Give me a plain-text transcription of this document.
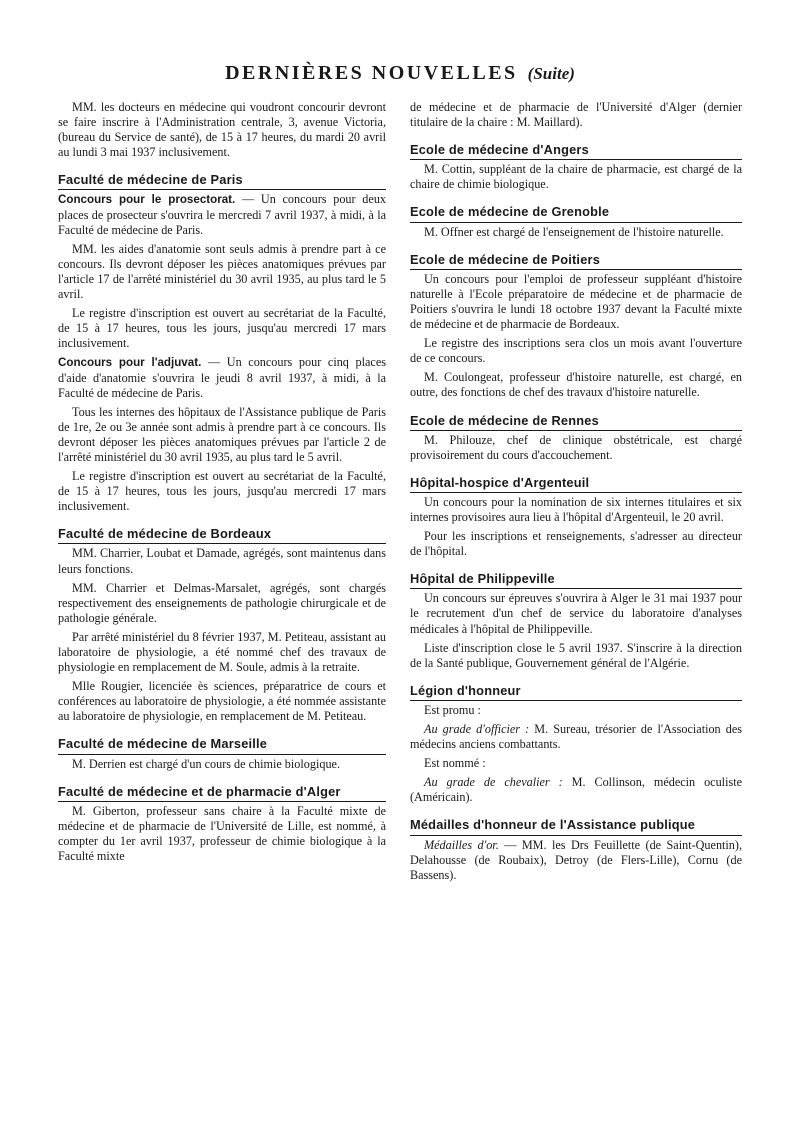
DERNIÈRES NOUVELLES (Suite)

MM. les docteurs en médecine qui voudront concourir devront se faire inscrire à l'Administration centrale, 3, avenue Victoria, (bureau du Service de santé), de 15 à 17 heures, du mardi 20 avril au lundi 3 mai 1937 inclusivement.

Faculté de médecine de Paris

Concours pour le prosectorat. — Un concours pour deux places de prosecteur s'ouvrira le mercredi 7 avril 1937, à midi, à la Faculté de médecine de Paris.

MM. les aides d'anatomie sont seuls admis à prendre part à ce concours. Ils devront déposer les pièces anatomiques prévues par l'article 17 de l'arrêté ministériel du 30 avril 1935, au plus tard le 5 avril.

Le registre d'inscription est ouvert au secrétariat de la Faculté, de 15 à 17 heures, tous les jours, jusqu'au mercredi 17 mars inclusivement.

Concours pour l'adjuvat. — Un concours pour cinq places d'aide d'anatomie s'ouvrira le jeudi 8 avril 1937, à midi, à la Faculté de médecine de Paris.

Tous les internes des hôpitaux de l'Assistance publique de Paris de 1re, 2e ou 3e année sont admis à prendre part à ce concours. Ils devront déposer les pièces anatomiques prévues par l'article 2 de l'arrêté ministériel du 30 avril 1935, au plus tard le 5 avril.

Le registre d'inscription est ouvert au secrétariat de la Faculté, de 15 à 17 heures, tous les jours, jusqu'au mercredi 17 mars inclusivement.

Faculté de médecine de Bordeaux

MM. Charrier, Loubat et Damade, agrégés, sont maintenus dans leurs fonctions.

MM. Charrier et Delmas-Marsalet, agrégés, sont chargés respectivement des enseignements de pathologie chirurgicale et de pathologie générale.

Par arrêté ministériel du 8 février 1937, M. Petiteau, assistant au laboratoire de physiologie, a été nommé chef des travaux de physiologie en remplacement de M. Soule, admis à la retraite.

Mlle Rougier, licenciée ès sciences, préparatrice de cours et conférences au laboratoire de physiologie, a été nommée assistante au laboratoire de physiologie, en remplacement de M. Petiteau.

Faculté de médecine de Marseille

M. Derrien est chargé d'un cours de chimie biologique.

Faculté de médecine et de pharmacie d'Alger

M. Giberton, professeur sans chaire à la Faculté mixte de médecine et de pharmacie de l'Université de Lille, est nommé, à compter du 1er avril 1937, professeur de chimie biologique à la Faculté mixte

de médecine et de pharmacie de l'Université d'Alger (dernier titulaire de la chaire : M. Maillard).

Ecole de médecine d'Angers

M. Cottin, suppléant de la chaire de pharmacie, est chargé de la chaire de chimie biologique.

Ecole de médecine de Grenoble

M. Offner est chargé de l'enseignement de l'histoire naturelle.

Ecole de médecine de Poitiers

Un concours pour l'emploi de professeur suppléant d'histoire naturelle à l'Ecole préparatoire de médecine et de pharmacie de Poitiers s'ouvrira le lundi 18 octobre 1937 devant la Faculté mixte de médecine et de pharmacie de Bordeaux.

Le registre des inscriptions sera clos un mois avant l'ouverture de ce concours.

M. Coulongeat, professeur d'histoire naturelle, est chargé, en outre, des fonctions de chef des travaux d'histoire naturelle.

Ecole de médecine de Rennes

M. Philouze, chef de clinique obstétricale, est chargé provisoirement du cours d'accouchement.

Hôpital-hospice d'Argenteuil

Un concours pour la nomination de six internes titulaires et six internes provisoires aura lieu à l'hôpital d'Argenteuil, le 20 avril.

Pour les inscriptions et renseignements, s'adresser au directeur de l'hôpital.

Hôpital de Philippeville

Un concours sur épreuves s'ouvrira à Alger le 31 mai 1937 pour le recrutement d'un chef de service du laboratoire d'analyses médicales à l'hôpital de Philippeville.

Liste d'inscription close le 5 avril 1937. S'inscrire à la direction de la Santé publique, Gouvernement général de l'Algérie.

Légion d'honneur

Est promu :

Au grade d'officier : M. Sureau, trésorier de l'Association des médecins anciens combattants.

Est nommé :

Au grade de chevalier : M. Collinson, médecin oculiste (Américain).

Médailles d'honneur de l'Assistance publique

Médailles d'or. — MM. les Drs Feuillette (de Saint-Quentin), Delahousse (de Roubaix), Detroy (de Flers-Lille), Cornu (de Bassens).
